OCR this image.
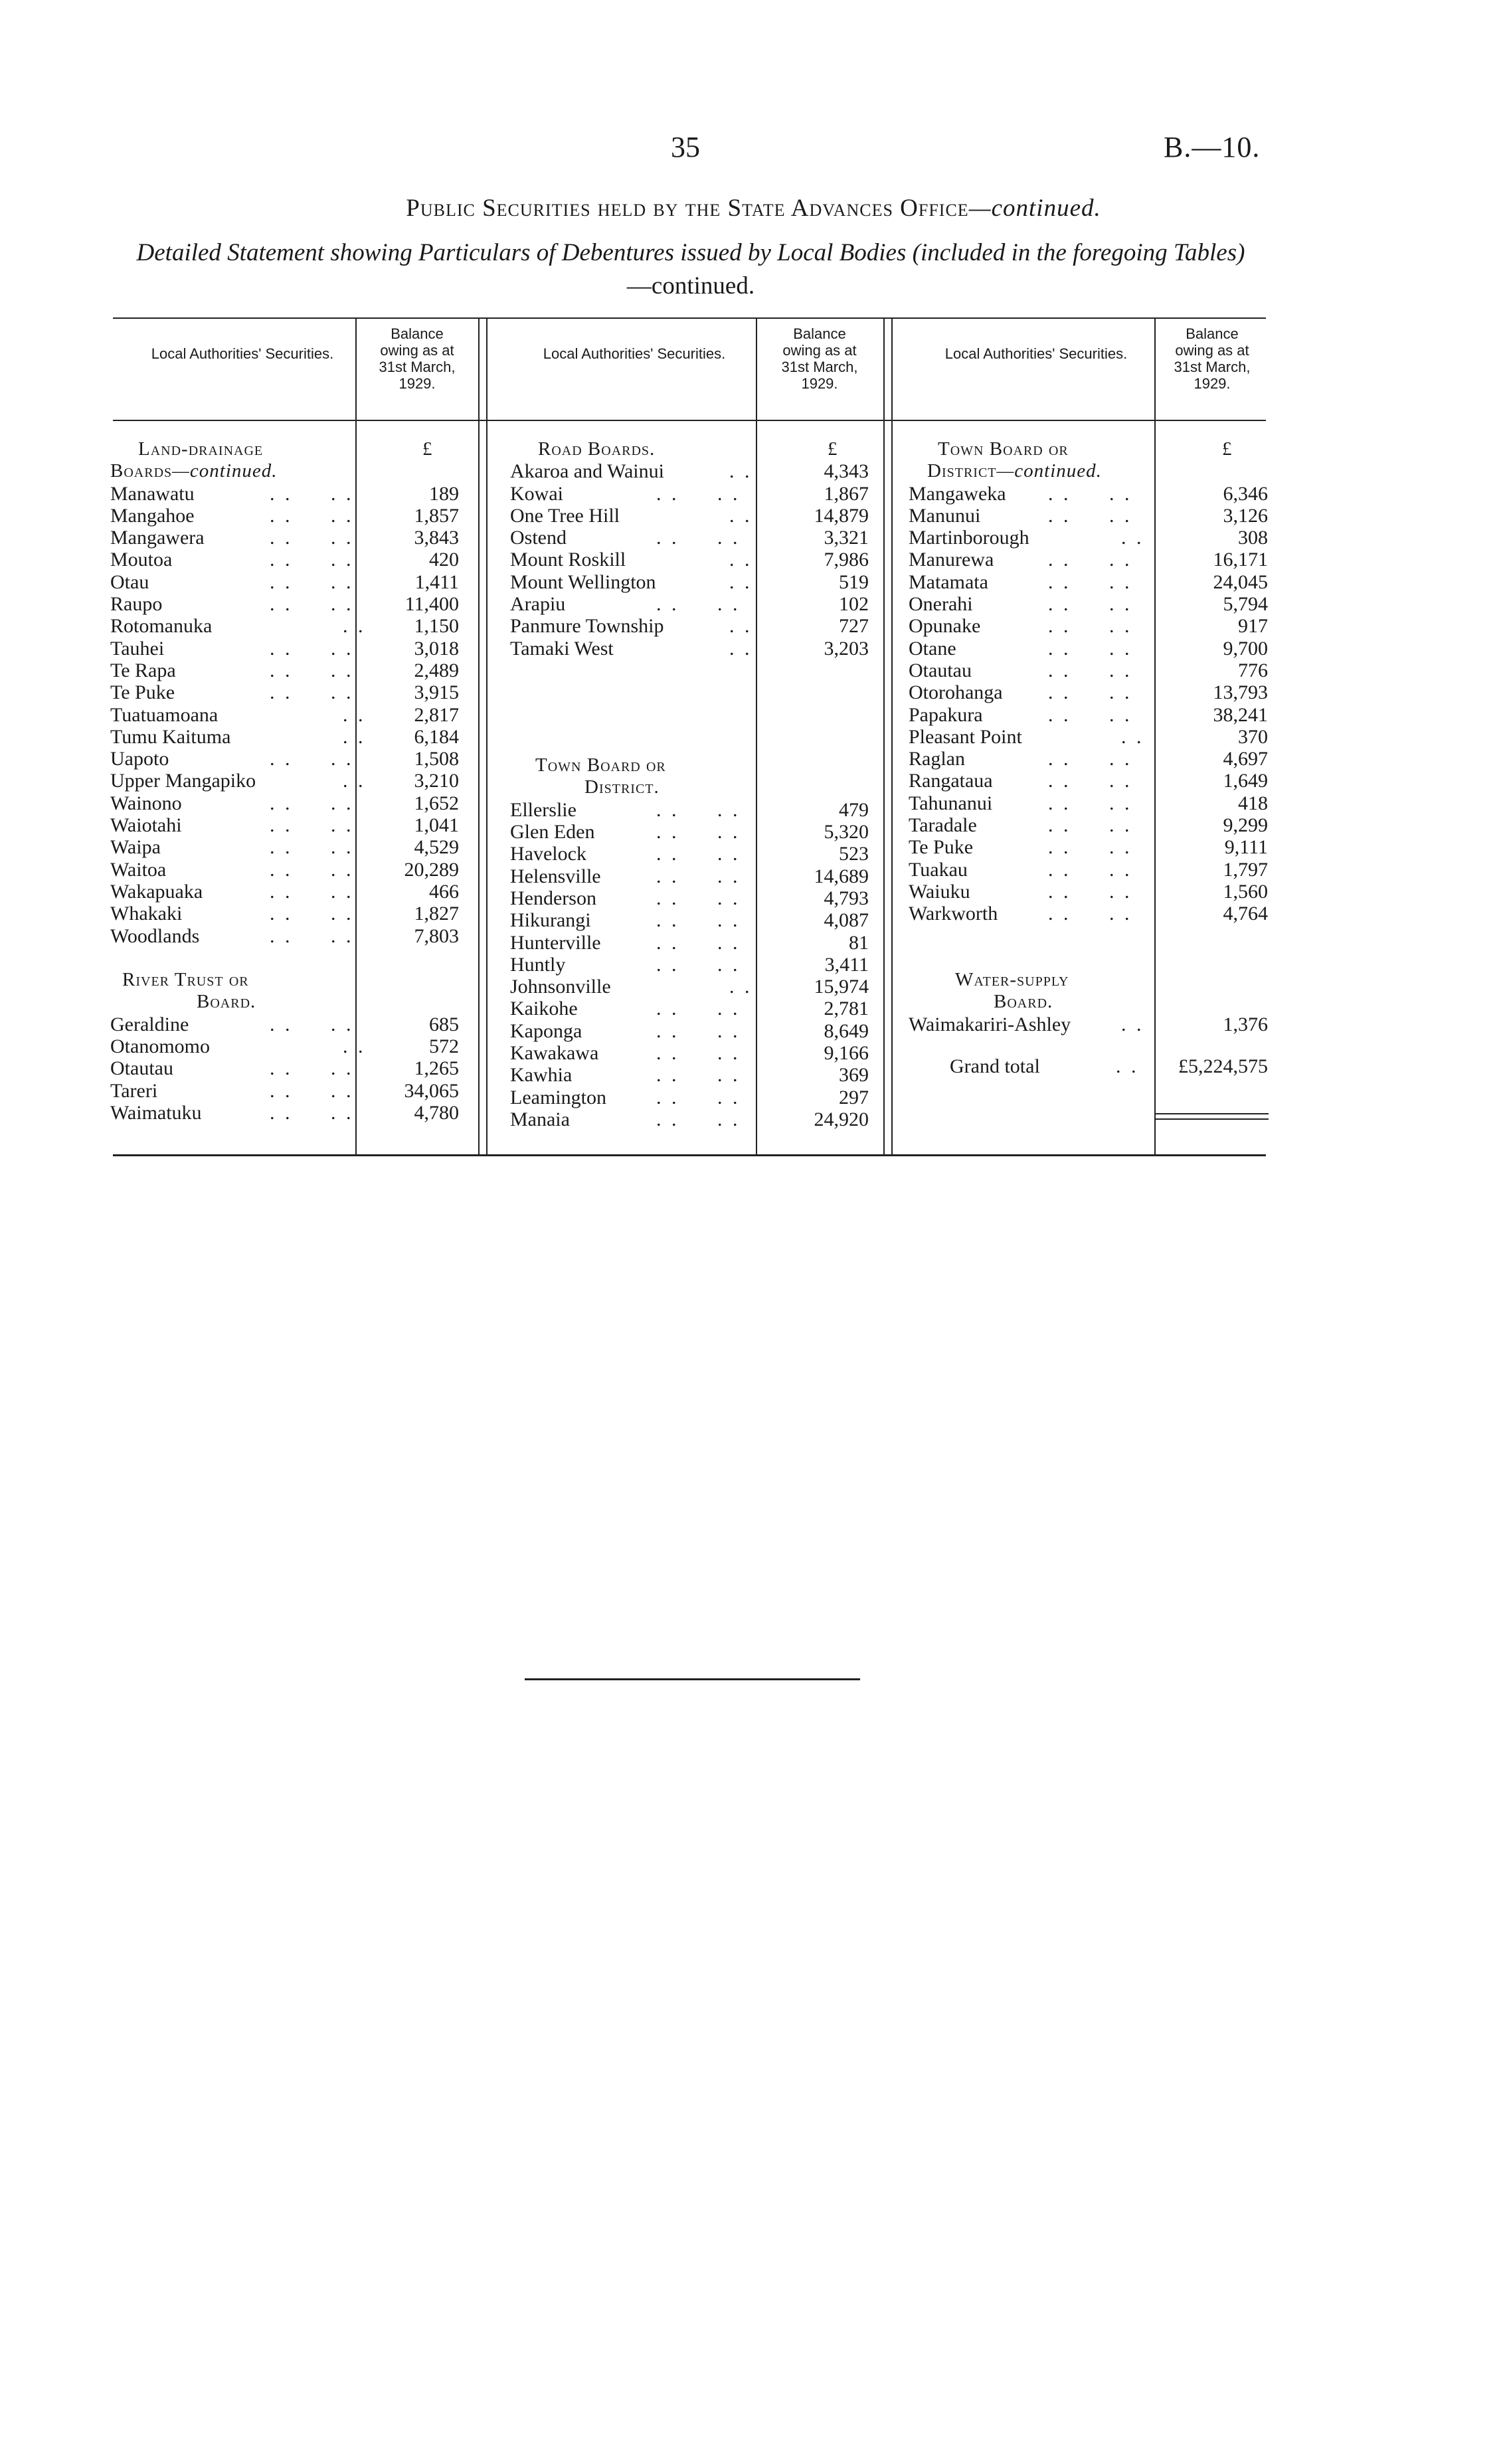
35	B.—10.
Public Securities held by the State Advances Office—continued.
Detailed Statement showing Particulars of Debentures issued by Local Bodies (included in the foregoing Tables)—continued.
Local Authorities' Securities.
Balance
owing as at
31st March,
1929.
Local Authorities' Securities.
Balance
owing as at
31st March,
1929.
Local Authorities' Securities.
Balance
owing as at
31st March,
1929.
Land-drainage	£
Boards—continued.
Manawatu	. .     . .	189
Mangahoe	. .     . .	1,857
Mangawera	. .     . .	3,843
Moutoa	. .     . .	420
Otau	. .     . .	1,411
Raupo	. .     . .	11,400
Rotomanuka	. . 1,150
Tauhei	. .     . .	3,018
Te Rapa	. .     . .	2,489
Te Puke	. .     . .	3,915
Tuatuamoana	. . 2,817
Tumu Kaituma	. . 6,184
Uapoto	. .     . .	1,508
Upper Mangapiko	. . 3,210
Wainono	. .     . .	1,652
Waiotahi	. .     . .	1,041
Waipa	. .     . .	4,529
Waitoa	. .     . .	20,289
Wakapuaka	. .     . .	466
Whakaki	. .     . .	1,827
Woodlands	. .     . .	7,803
River Trust or
Board.
Geraldine	. .     . .	685
Otanomomo	. .	572
Otautau	. .     . .	1,265
Tareri	. .     . .	34,065
Waimatuku	. .     . .	4,780
Road Boards.	£
Akaroa and Wainui	. .	4,343
Kowai	. .     . .	1,867
One Tree Hill	. .	14,879
Ostend	. .     . .	3,321
Mount Roskill	. .	7,986
Mount Wellington	. .	519
Arapiu	. .     . .	102
Panmure Township	. .	727
Tamaki West	. .	3,203
Town Board or
District.
Ellerslie	. .     . .	479
Glen Eden	. .     . .	5,320
Havelock	. .     . .	523
Helensville	. .     . .	14,689
Henderson	. .     . .	4,793
Hikurangi	. .     . .	4,087
Hunterville	. .     . .	81
Huntly	. .     . .	3,411
Johnsonville	. .	15,974
Kaikohe	. .     . .	2,781
Kaponga	. .     . .	8,649
Kawakawa	. .     . .	9,166
Kawhia	. .     . .	369
Leamington	. .     . .	297
Manaia	. .     . .	24,920
Town Board or	£
District—continued.
Mangaweka . .     . .	6,346
Manunui	. .     . .	3,126
Martinborough	. .	308
Manurewa	. .     . .	16,171
Matamata	. .     . .	24,045
Onerahi	. .     . .	5,794
Opunake	. .     . .	917
Otane	. .     . .	9,700
Otautau	. .     . .	776
Otorohanga . .     . .	13,793
Papakura	. .     . .	38,241
Pleasant Point	. .	370
Raglan	. .     . .	4,697
Rangataua	. .     . .	1,649
Tahunanui	. .     . .	418
Taradale	. .     . .	9,299
Te Puke	. .     . .	9,111
Tuakau	. .     . .	1,797
Waiuku	. .     . .	1,560
Warkworth	. .     . .	4,764
Water-supply
Board.
Waimakariri-Ashley	. .	1,376
Grand total	. . £5,224,575
